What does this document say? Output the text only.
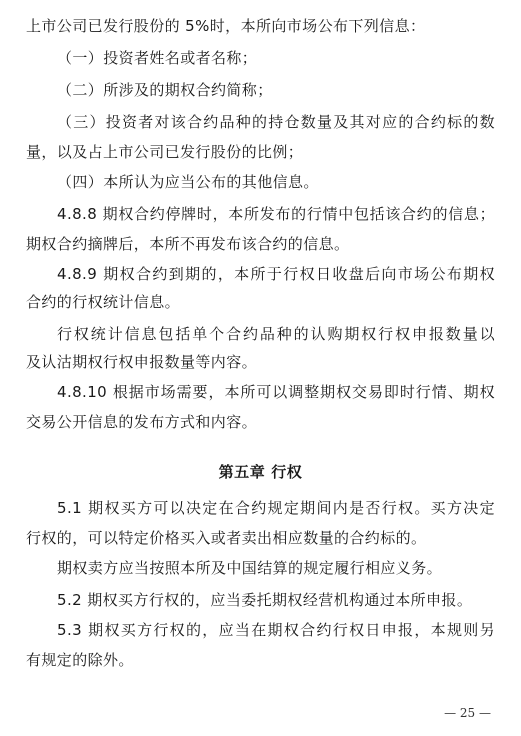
上市公司已发行股份的 5%时，本所向市场公布下列信息：
（一）投资者姓名或者名称；
（二）所涉及的期权合约简称；
（三）投资者对该合约品种的持仓数量及其对应的合约标的数
量，以及占上市公司已发行股份的比例；
（四）本所认为应当公布的其他信息。
4.8.8 期权合约停牌时，本所发布的行情中包括该合约的信息；
期权合约摘牌后，本所不再发布该合约的信息。
4.8.9 期权合约到期的，本所于行权日收盘后向市场公布期权
合约的行权统计信息。
行权统计信息包括单个合约品种的认购期权行权申报数量以
及认沽期权行权申报数量等内容。
4.8.10 根据市场需要，本所可以调整期权交易即时行情、期权
交易公开信息的发布方式和内容。
第五章 行权
5.1 期权买方可以决定在合约规定期间内是否行权。买方决定
行权的，可以特定价格买入或者卖出相应数量的合约标的。
期权卖方应当按照本所及中国结算的规定履行相应义务。
5.2 期权买方行权的，应当委托期权经营机构通过本所申报。
5.3 期权买方行权的，应当在期权合约行权日申报，本规则另
有规定的除外。
— 25 —
